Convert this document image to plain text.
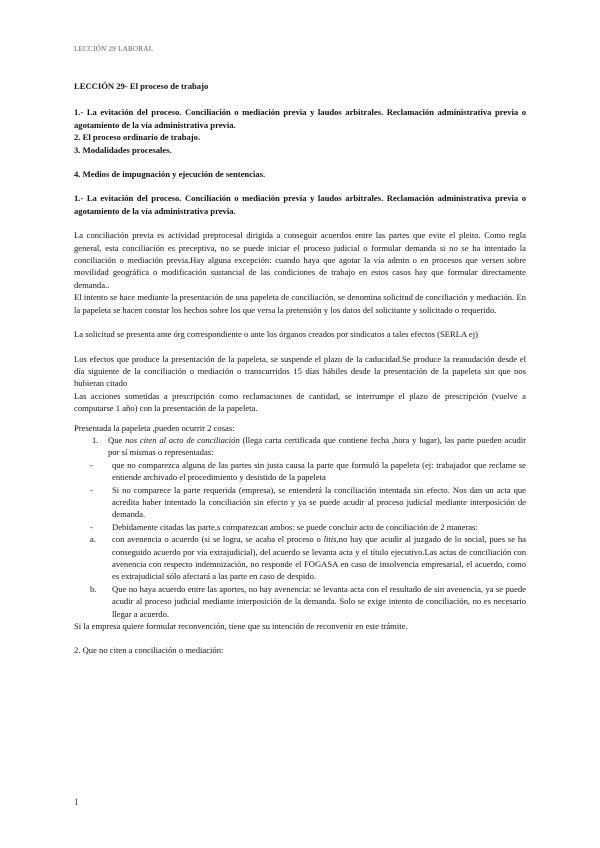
LECCIÓN 29 LABORAL

LECCIÓN 29- El proceso de trabajo

1.- La evitación del proceso. Conciliación o mediación previa y laudos arbitrales. Reclamación administrativa previa o agotamiento de la vía administrativa previa.

2. El proceso ordinario de trabajo.

3. Modalidades procesales.

4. Medios de impugnación y ejecución de sentencias.

1.- La evitación del proceso. Conciliación o mediación previa y laudos arbitrales. Reclamación administrativa previa o agotamiento de la vía administrativa previa.

La conciliación previa es actividad preprocesal dirigida a conseguir acuerdos entre las partes que evite el pleito. Como regla general, esta conciliación es preceptiva, no se puede iniciar el proceso judicial o formular demanda si no se ha intentado la conciliación o mediación previa.Hay alguna excepción: cuando haya que agotar la vía admin o en procesos que versen sobre movilidad geográfica o modificación sustancial de las condiciones de trabajo en estos casos hay que formular directamente demanda..

El intento se hace mediante la presentación de una papeleta de conciliación, se denomina solicitud de conciliación y mediación. En la papeleta se hacen constar los hechos sobre los que versa la pretensión y los datos del solicitante y solicitado o requerido.

La solicitud se presenta ante órg correspondiente o ante los órganos creados por sindicatos a tales efectos (SERLA ej)

Los efectos que produce la presentación de la papeleta, se suspende el plazo de la caducidad.Se produce la reanudación desde el día siguiente de la conciliación o mediación o transcurridos 15 días hábiles desde la presentación de la papeleta sin que nos hubieran citado

Las acciones sometidas a prescripción como reclamaciones de cantidad, se interrumpe el plazo de prescripción (vuelve a computarse 1 año) con la presentación de la papeleta.

Presentada la papeleta ,pueden ocurrir 2 cosas:

1.	Que nos citen al acto de conciliación (llega carta certificada que contiene fecha ,hora y lugar), las parte pueden acudir por sí mismas o representadas:
-	que no comparezca alguna de las partes sin justa causa la parte que formuló la papeleta (ej: trabajador que reclame se entiende archivado el procedimiento y desistido de la papeleta
-	Si no comparece la parte requerida (empresa), se entenderá la conciliación intentada sin efecto. Nos dan un acta que acredita haber intentado la conciliación sin efecto y ya se puede acudir al proceso judicial mediante interposición de demanda.
-	Debidamente citadas las parte,s comparezcan ambos: se puede concluir acto de conciliación de 2 maneras:
a.	con avenencia o acuerdo (si se logra, se acaba el proceso o litis,no hay que acudir al juzgado de lo social, pues se ha conseguido acuerdo por vía extrajudicial), del acuerdo se levanta acta y el título ejecutivo.Las actas de conciliación con avenencia con respecto indemnización, no responde el FOGASA en caso de insolvencia empresarial, el acuerdo, como es extrajudicial sólo afectará a las parte en caso de despido.
b.	Que no haya acuerdo entre las aportes, no hay avenencia: se levanta acta con el resultado de sin avenencia, ya se puede acudir al proceso judicial mediante interposición de la demanda. Solo se exige intento de conciliación, no es necesario llegar a acuerdo.

Si la empresa quiere formular reconvención, tiene que su intención de reconvenir en este trámite.

2. Que no citen a conciliación o mediación:

1
